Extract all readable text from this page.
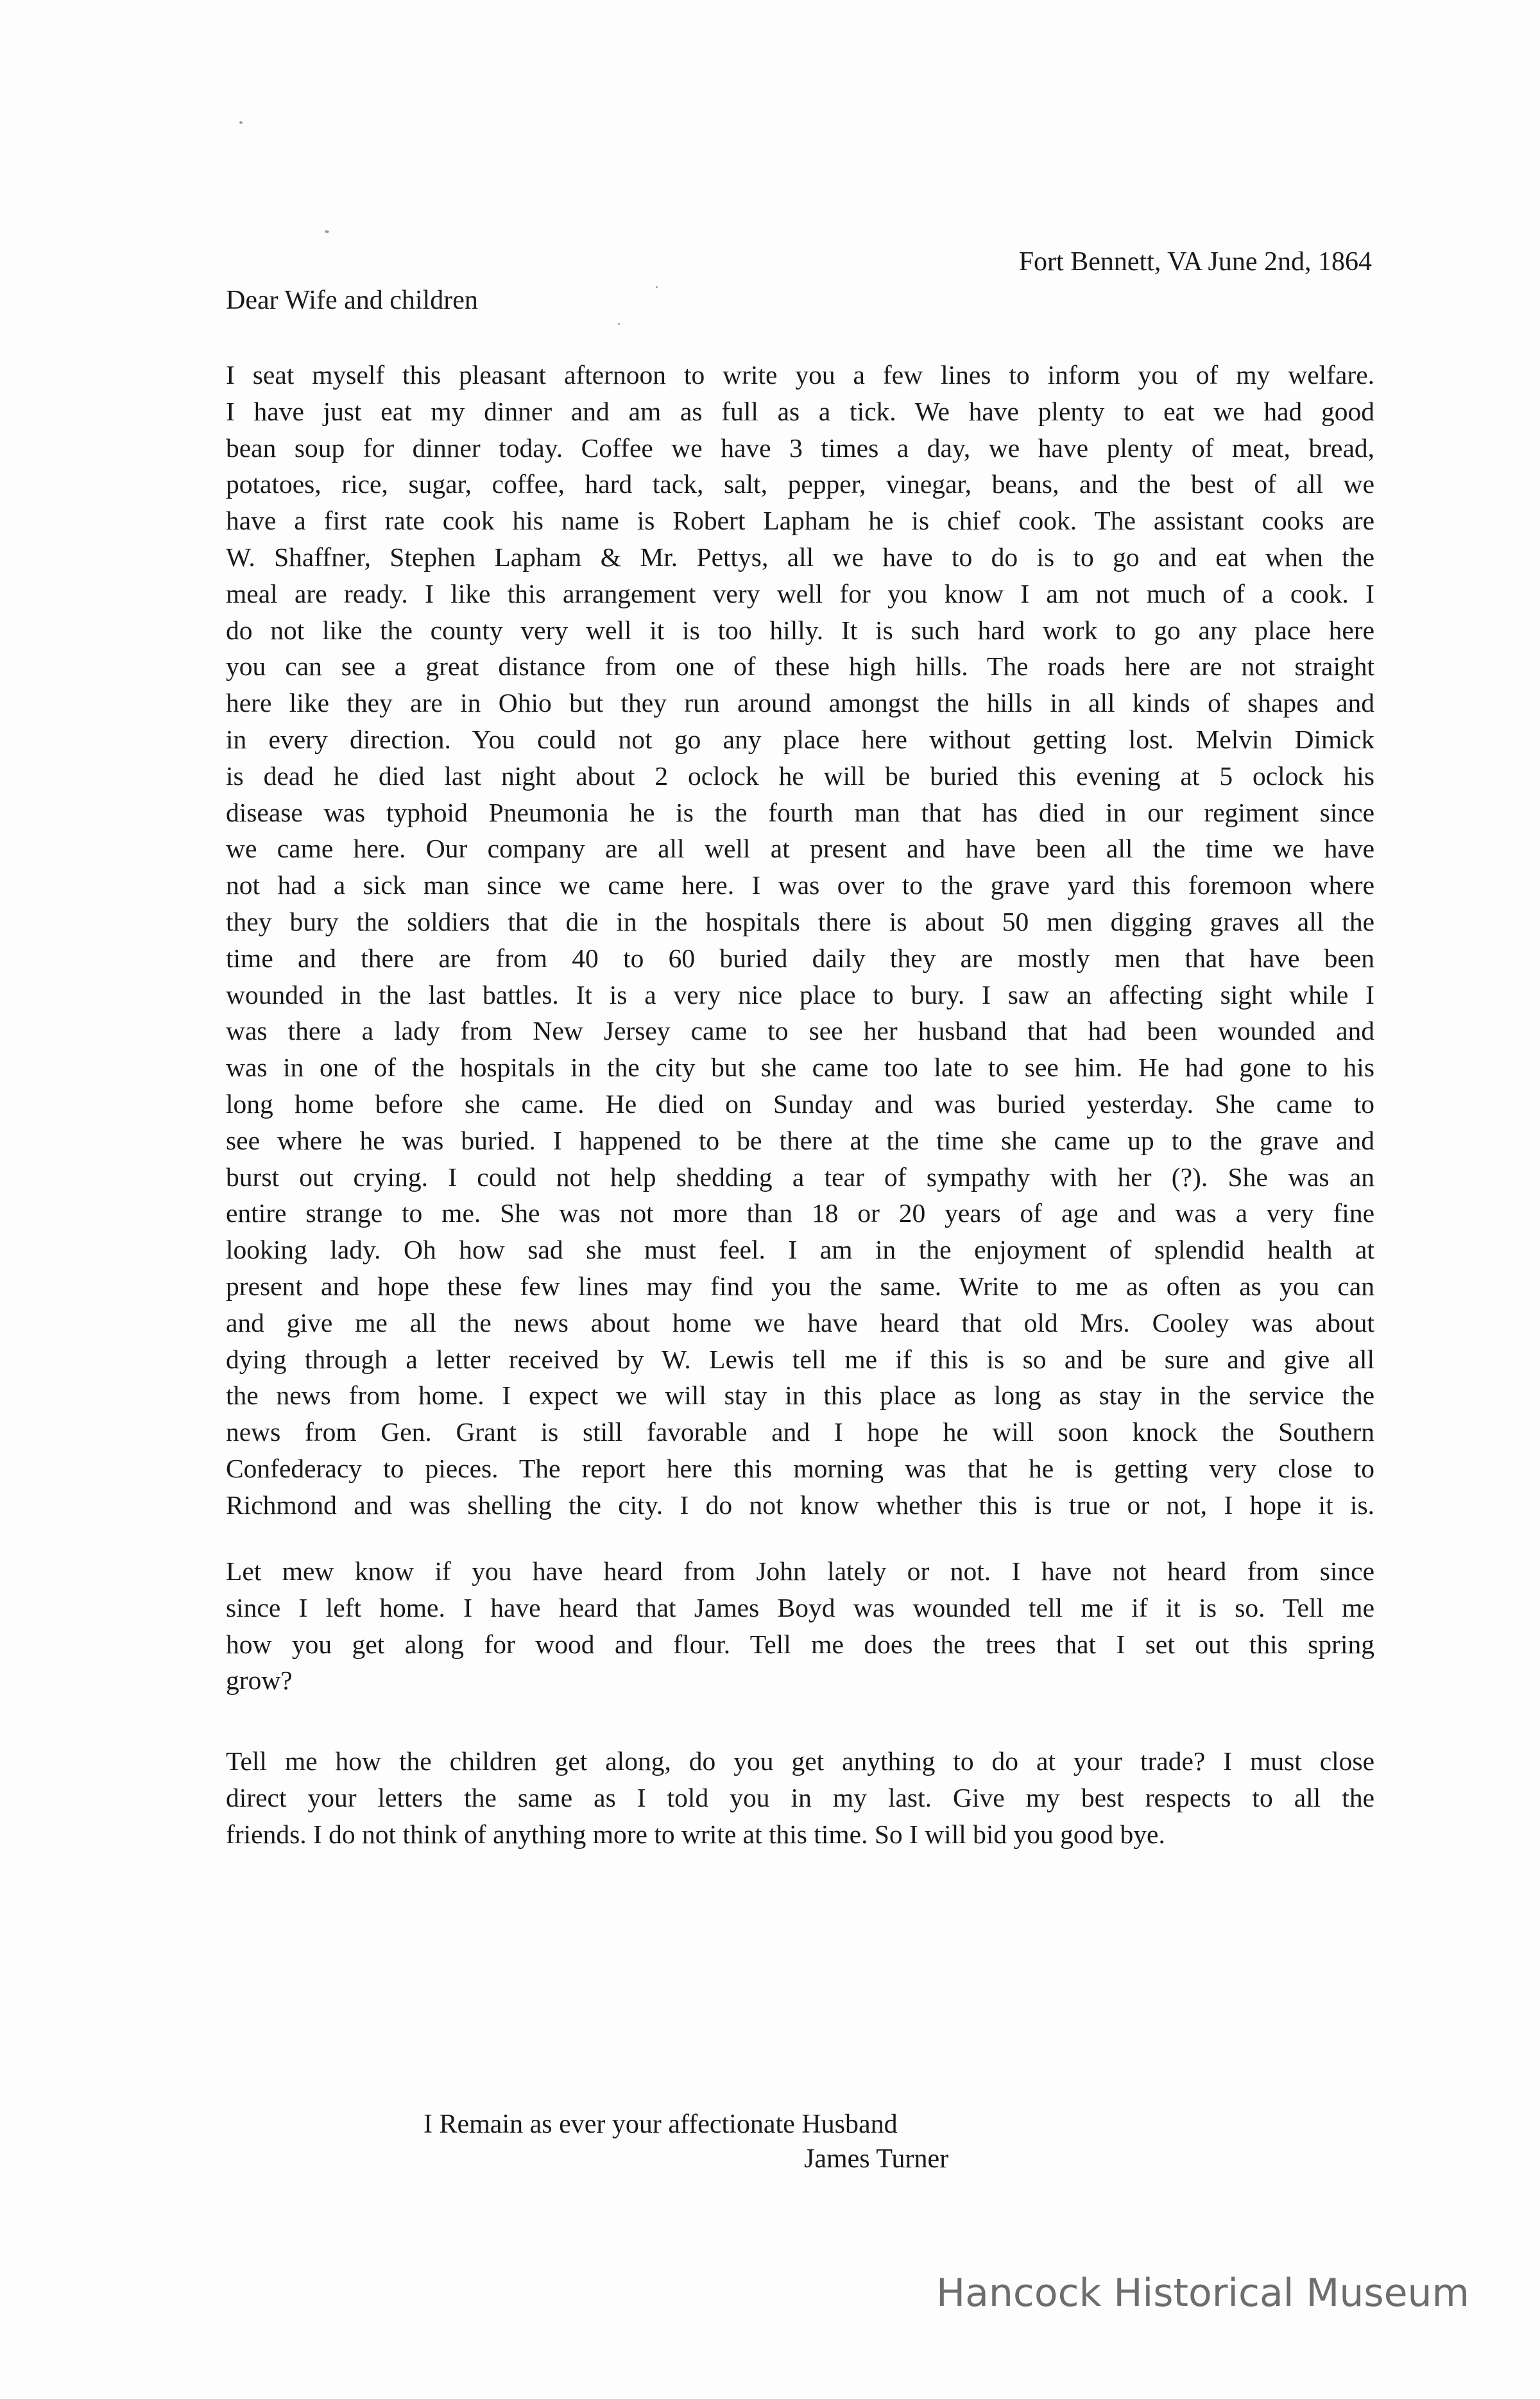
Fort Bennett, VA June 2nd, 1864
Dear Wife and children
I seat myself this pleasant afternoon to write you a few lines to inform you of my welfare.
I have just eat my dinner and am as full as a tick. We have plenty to eat we had good
bean soup for dinner today. Coffee we have 3 times a day, we have plenty of meat, bread,
potatoes, rice, sugar, coffee, hard tack, salt, pepper, vinegar, beans, and the best of all we
have a first rate cook his name is Robert Lapham he is chief cook. The assistant cooks are
W. Shaffner, Stephen Lapham & Mr. Pettys, all we have to do is to go and eat when the
meal are ready. I like this arrangement very well for you know I am not much of a cook. I
do not like the county very well it is too hilly. It is such hard work to go any place here
you can see a great distance from one of these high hills. The roads here are not straight
here like they are in Ohio but they run around amongst the hills in all kinds of shapes and
in every direction. You could not go any place here without getting lost. Melvin Dimick
is dead he died last night about 2 oclock he will be buried this evening at 5 oclock his
disease was typhoid Pneumonia he is the fourth man that has died in our regiment since
we came here. Our company are all well at present and have been all the time we have
not had a sick man since we came here. I was over to the grave yard this foremoon where
they bury the soldiers that die in the hospitals there is about 50 men digging graves all the
time and there are from 40 to 60 buried daily they are mostly men that have been
wounded in the last battles. It is a very nice place to bury. I saw an affecting sight while I
was there a lady from New Jersey came to see her husband that had been wounded and
was in one of the hospitals in the city but she came too late to see him. He had gone to his
long home before she came. He died on Sunday and was buried yesterday. She came to
see where he was buried. I happened to be there at the time she came up to the grave and
burst out crying. I could not help shedding a tear of sympathy with her (?). She was an
entire strange to me. She was not more than 18 or 20 years of age and was a very fine
looking lady. Oh how sad she must feel. I am in the enjoyment of splendid health at
present and hope these few lines may find you the same. Write to me as often as you can
and give me all the news about home we have heard that old Mrs. Cooley was about
dying through a letter received by W. Lewis tell me if this is so and be sure and give all
the news from home. I expect we will stay in this place as long as stay in the service the
news from Gen. Grant is still favorable and I hope he will soon knock the Southern
Confederacy to pieces. The report here this morning was that he is getting very close to
Richmond and was shelling the city. I do not know whether this is true or not, I hope it is.
Let mew know if you have heard from John lately or not. I have not heard from since
since I left home. I have heard that James Boyd was wounded tell me if it is so. Tell me
how you get along for wood and flour. Tell me does the trees that I set out this spring
grow?
Tell me how the children get along, do you get anything to do at your trade? I must close
direct your letters the same as I told you in my last. Give my best respects to all the
friends. I do not think of anything more to write at this time. So I will bid you good bye.
I Remain as ever your affectionate Husband
James Turner
Hancock Historical Museum
